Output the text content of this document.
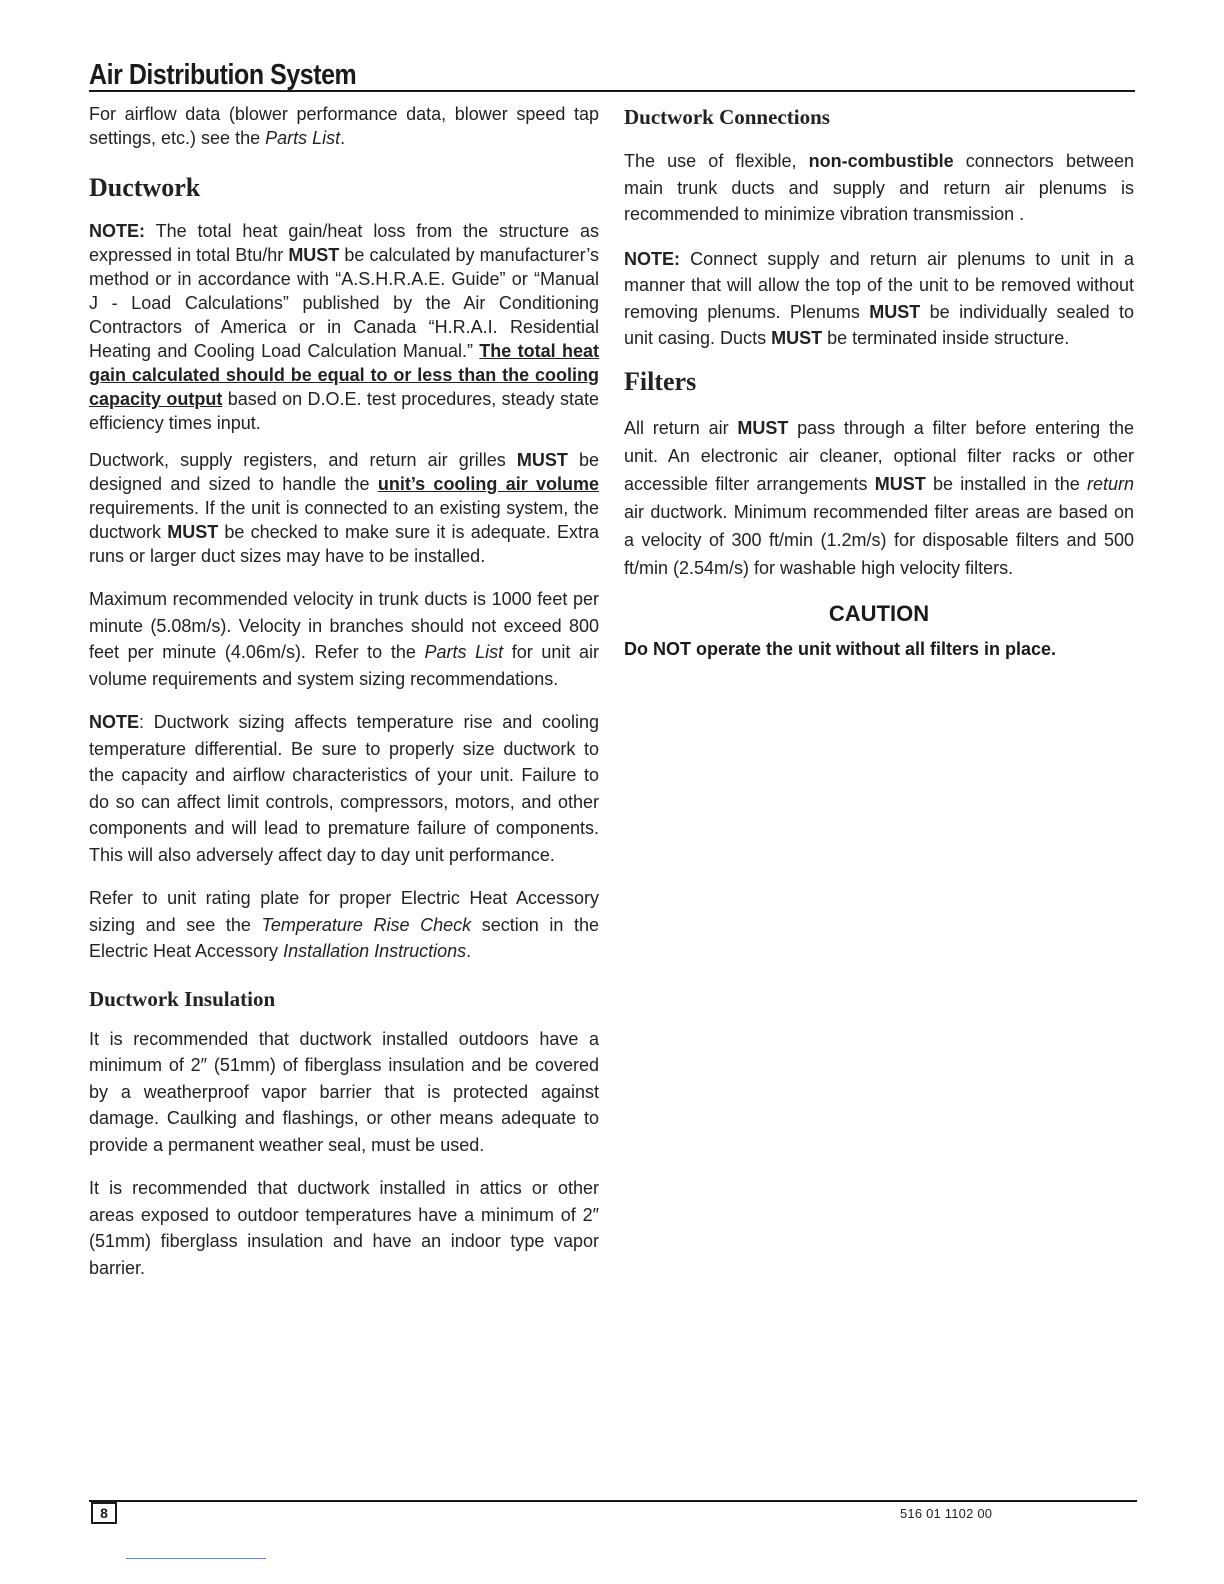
Air Distribution System

For airflow data (blower performance data, blower speed tap settings, etc.) see the Parts List.

Ductwork

NOTE: The total heat gain/heat loss from the structure as expressed in total Btu/hr MUST be calculated by manufacturer’s method or in accordance with “A.S.H.R.A.E. Guide” or “Manual J - Load Calculations” published by the Air Conditioning Contractors of America or in Canada “H.R.A.I. Residential Heating and Cooling Load Calculation Manual.” The total heat gain calculated should be equal to or less than the cooling capacity output based on D.O.E. test procedures, steady state efficiency times input.

Ductwork, supply registers, and return air grilles MUST be designed and sized to handle the unit’s cooling air volume requirements. If the unit is connected to an existing system, the ductwork MUST be checked to make sure it is adequate. Extra runs or larger duct sizes may have to be installed.

Maximum recommended velocity in trunk ducts is 1000 feet per minute (5.08m/s). Velocity in branches should not exceed 800 feet per minute (4.06m/s). Refer to the Parts List for unit air volume requirements and system sizing recommendations.

NOTE: Ductwork sizing affects temperature rise and cooling temperature differential. Be sure to properly size ductwork to the capacity and airflow characteristics of your unit. Failure to do so can affect limit controls, compressors, motors, and other components and will lead to premature failure of components. This will also adversely affect day to day unit performance.

Refer to unit rating plate for proper Electric Heat Accessory sizing and see the Temperature Rise Check section in the Electric Heat Accessory Installation Instructions.

Ductwork Insulation

It is recommended that ductwork installed outdoors have a minimum of 2″ (51mm) of fiberglass insulation and be covered by a weatherproof vapor barrier that is protected against damage. Caulking and flashings, or other means adequate to provide a permanent weather seal, must be used.

It is recommended that ductwork installed in attics or other areas exposed to outdoor temperatures have a minimum of 2″ (51mm) fiberglass insulation and have an indoor type vapor barrier.

Ductwork Connections

The use of flexible, non-combustible connectors between main trunk ducts and supply and return air plenums is recommended to minimize vibration transmission .

NOTE: Connect supply and return air plenums to unit in a manner that will allow the top of the unit to be removed without removing plenums. Plenums MUST be individually sealed to unit casing. Ducts MUST be terminated inside structure.

Filters

All return air MUST pass through a filter before entering the unit. An electronic air cleaner, optional filter racks or other accessible filter arrangements MUST be installed in the return air ductwork. Minimum recommended filter areas are based on a velocity of 300 ft/min (1.2m/s) for disposable filters and 500 ft/min (2.54m/s) for washable high velocity filters.

CAUTION

Do NOT operate the unit without all filters in place.

8	516 01 1102 00
